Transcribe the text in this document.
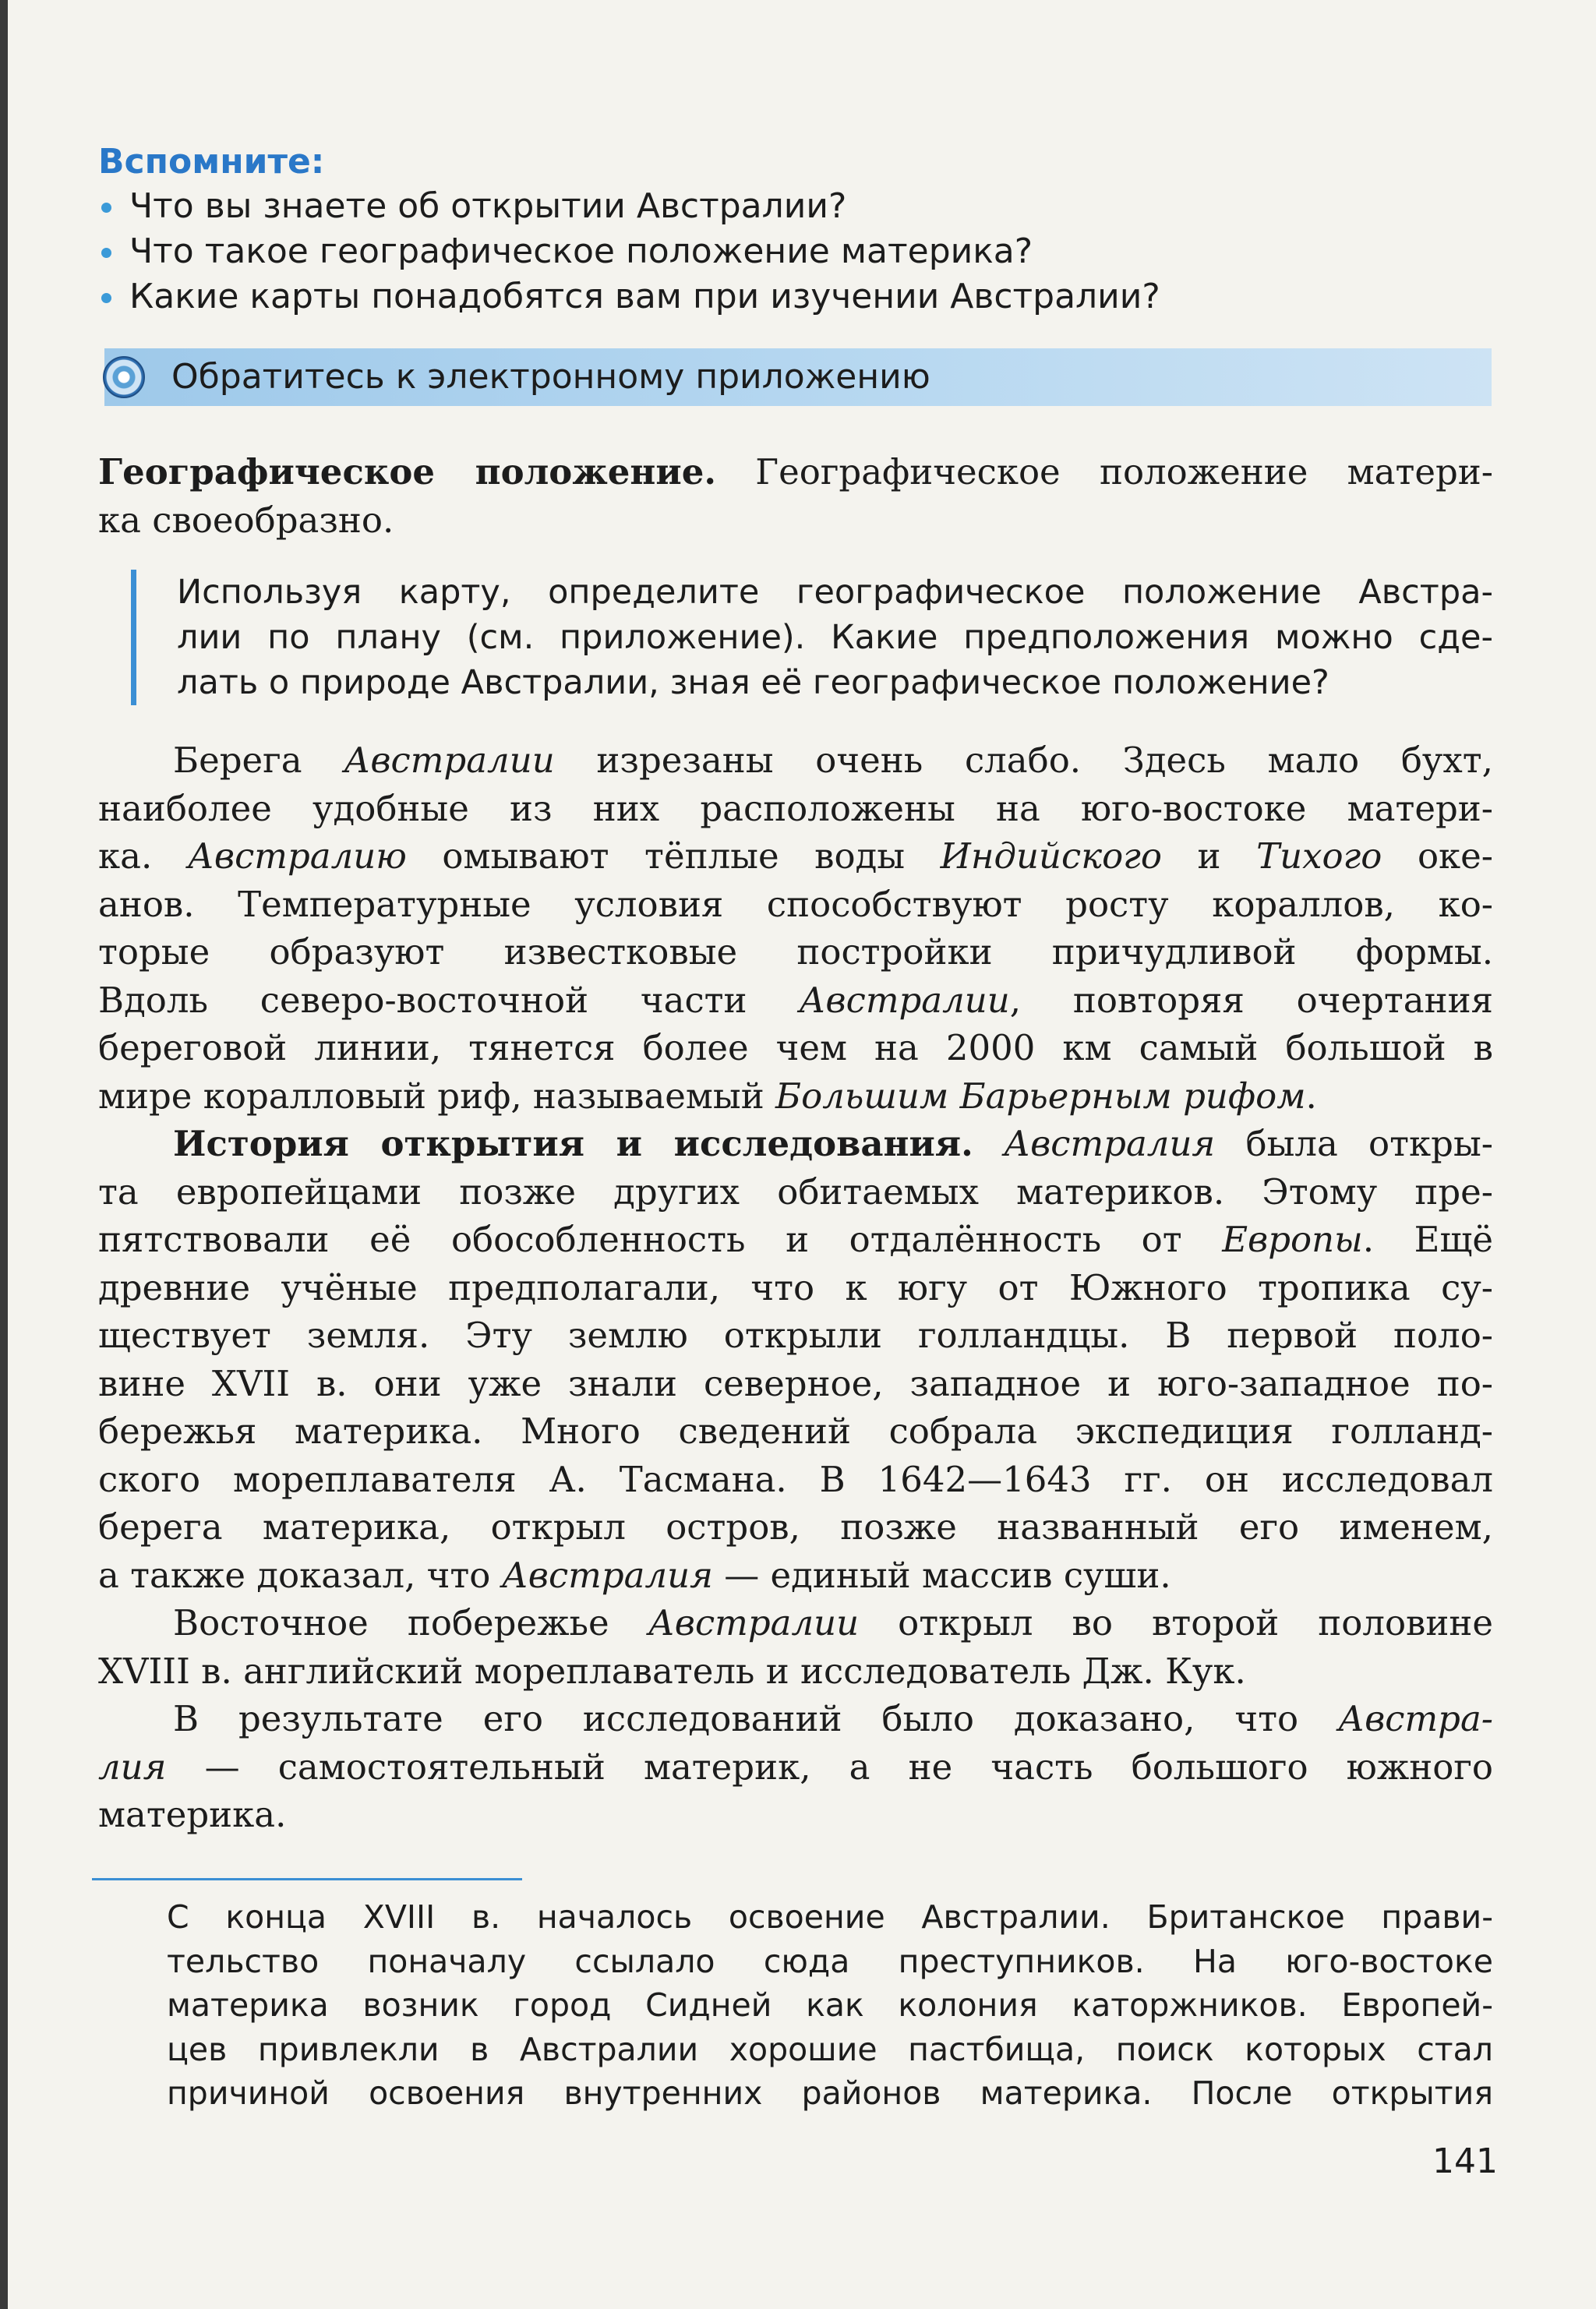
Вспомните:
Что вы знаете об открытии Австралии?
Что такое географическое положение материка?
Какие карты понадобятся вам при изучении Австралии?
Обратитесь к электронному приложению
Географическое положение. Географическое положение матери-
ка своеобразно.
Используя карту, определите географическое положение Австра-
лии по плану (см. приложение). Какие предположения можно сде-
лать о природе Австралии, зная её географическое положение?
Берега Австралии изрезаны очень слабо. Здесь мало бухт,
наиболее удобные из них расположены на юго-востоке матери-
ка. Австралию омывают тёплые воды Индийского и Тихого оке-
анов. Температурные условия способствуют росту кораллов, ко-
торые образуют известковые постройки причудливой формы.
Вдоль северо-восточной части Австралии, повторяя очертания
береговой линии, тянется более чем на 2000 км самый большой в
мире коралловый риф, называемый Большим Барьерным рифом.
История открытия и исследования. Австралия была откры-
та европейцами позже других обитаемых материков. Этому пре-
пятствовали её обособленность и отдалённость от Европы. Ещё
древние учёные предполагали, что к югу от Южного тропика су-
ществует земля. Эту землю открыли голландцы. В первой поло-
вине XVII в. они уже знали северное, западное и юго-западное по-
бережья материка. Много сведений собрала экспедиция голланд-
ского мореплавателя А. Тасмана. В 1642—1643 гг. он исследовал
берега материка, открыл остров, позже названный его именем,
а также доказал, что Австралия — единый массив суши.
Восточное побережье Австралии открыл во второй половине
XVIII в. английский мореплаватель и исследователь Дж. Кук.
В результате его исследований было доказано, что Австра-
лия — самостоятельный материк, а не часть большого южного
материка.
С конца XVIII в. началось освоение Австралии. Британское прави-
тельство поначалу ссылало сюда преступников. На юго-востоке
материка возник город Сидней как колония каторжников. Европей-
цев привлекли в Австралии хорошие пастбища, поиск которых стал
причиной освоения внутренних районов материка. После открытия
141
